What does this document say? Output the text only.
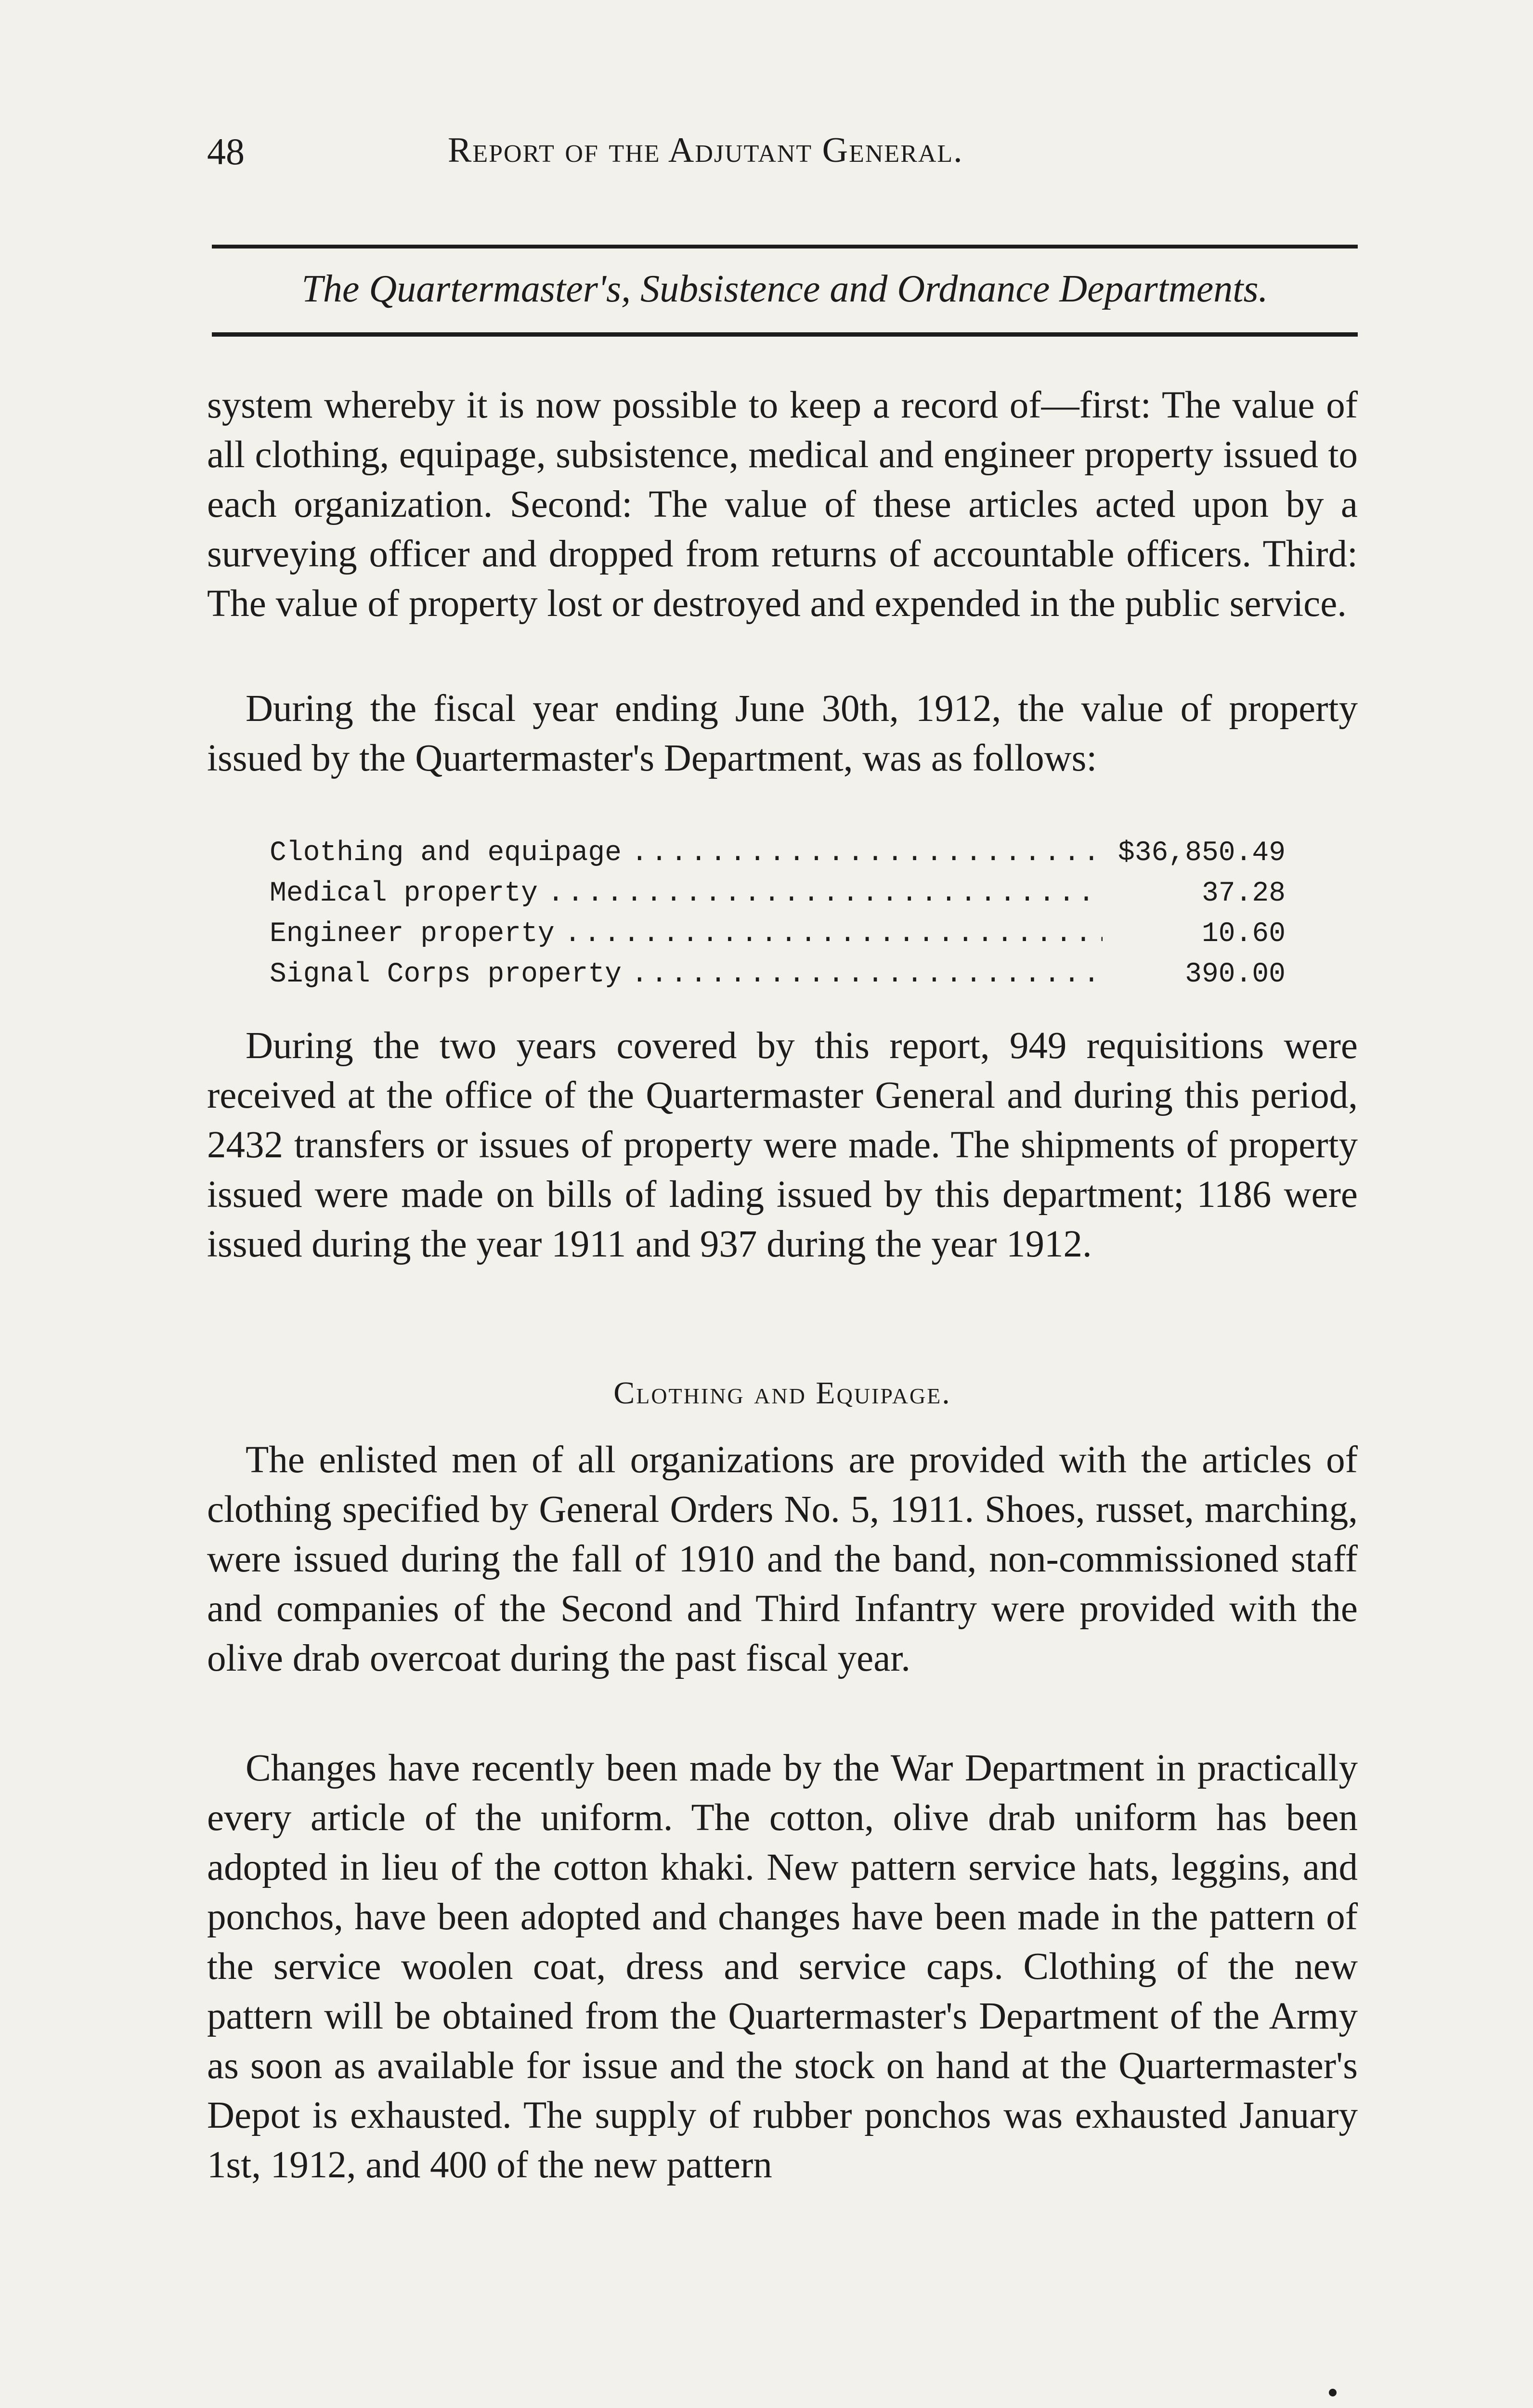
48	Report of the Adjutant General.
The Quartermaster's, Subsistence and Ordnance Departments.

system whereby it is now possible to keep a record of—first: The value of all clothing, equipage, subsistence, medical and engineer property issued to each organization. Second: The value of these articles acted upon by a surveying officer and dropped from returns of accountable officers. Third: The value of property lost or destroyed and expended in the public service.

During the fiscal year ending June 30th, 1912, the value of property issued by the Quartermaster's Department, was as follows:

Clothing and equipage .....	$36,850.49
Medical property .....	37.28
Engineer property .....	10.60
Signal Corps property .....	390.00

During the two years covered by this report, 949 requisitions were received at the office of the Quartermaster General and during this period, 2432 transfers or issues of property were made. The shipments of property issued were made on bills of lading issued by this department; 1186 were issued during the year 1911 and 937 during the year 1912.

Clothing and Equipage.

The enlisted men of all organizations are provided with the articles of clothing specified by General Orders No. 5, 1911. Shoes, russet, marching, were issued during the fall of 1910 and the band, non-commissioned staff and companies of the Second and Third Infantry were provided with the olive drab overcoat during the past fiscal year.

Changes have recently been made by the War Department in practically every article of the uniform. The cotton, olive drab uniform has been adopted in lieu of the cotton khaki. New pattern service hats, leggins, and ponchos, have been adopted and changes have been made in the pattern of the service woolen coat, dress and service caps. Clothing of the new pattern will be obtained from the Quartermaster's Department of the Army as soon as available for issue and the stock on hand at the Quartermaster's Depot is exhausted. The supply of rubber ponchos was exhausted January 1st, 1912, and 400 of the new pattern
